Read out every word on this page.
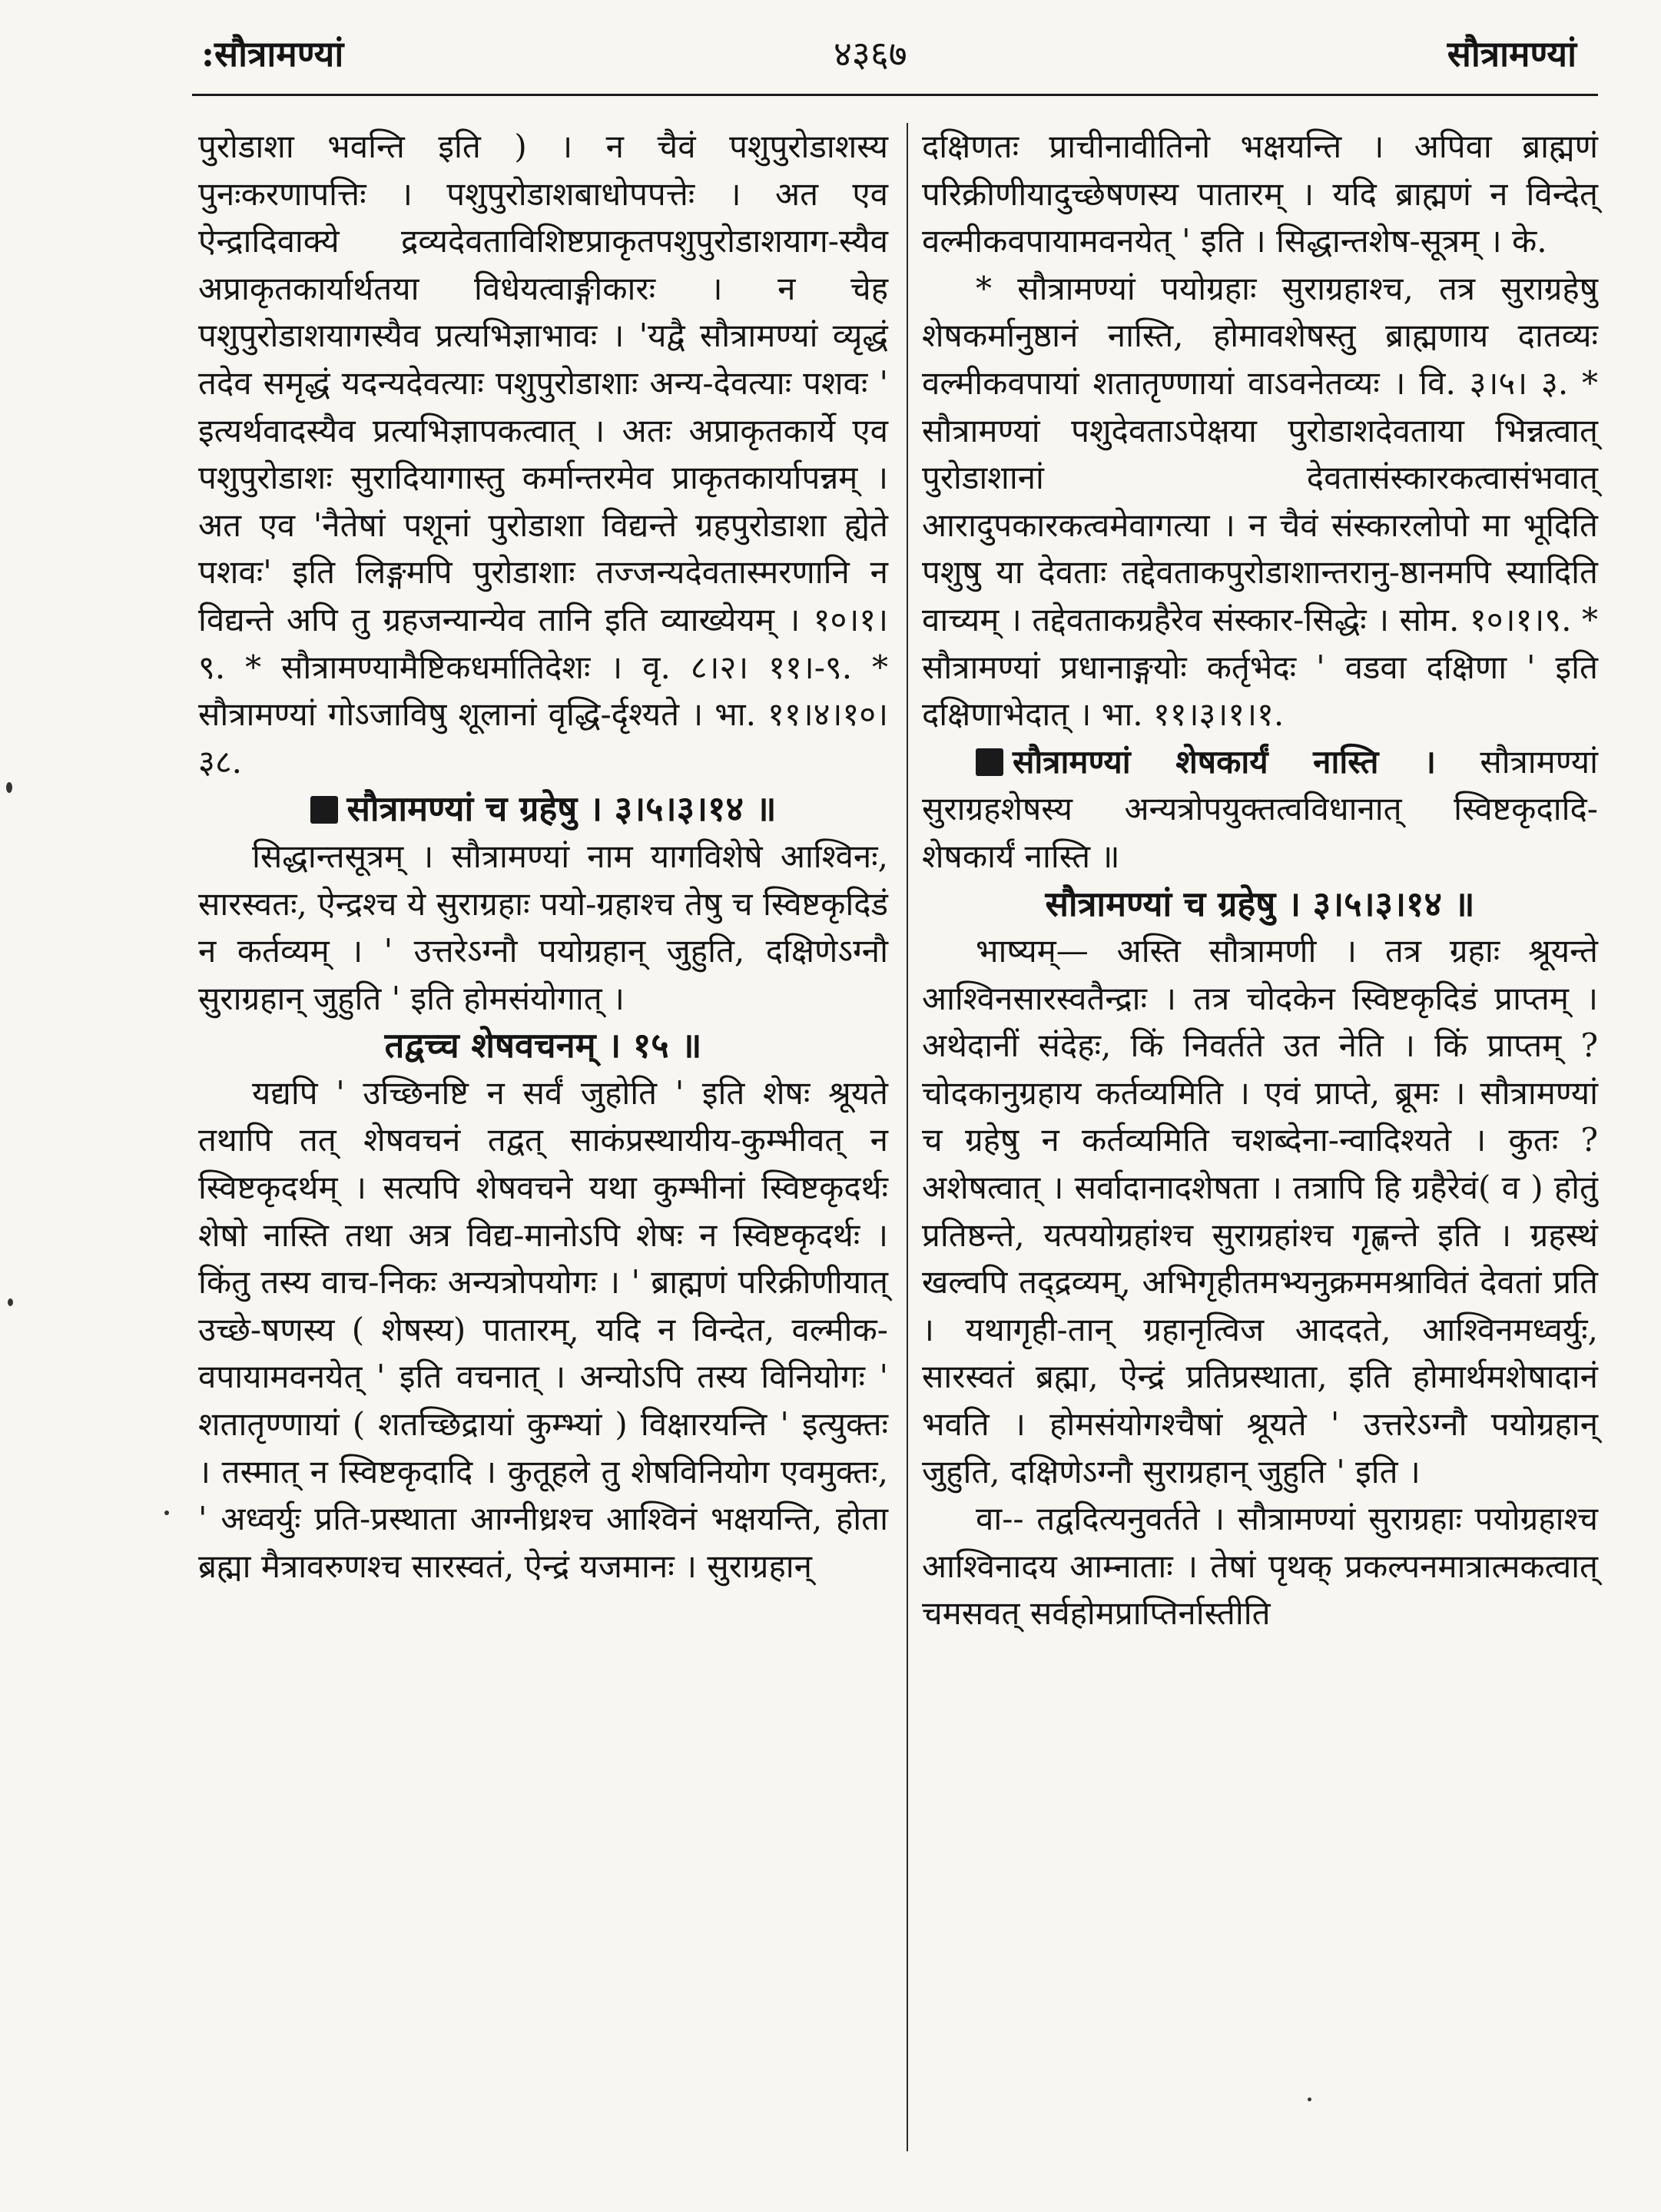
:सौत्रामण्यां	४३६७	सौत्रामण्यां

पुरोडाशा भवन्ति इति ) । न चैवं पशुपुरोडाशस्य पुनःकरणापत्तिः । पशुपुरोडाशबाधोपपत्तेः । अत एव ऐन्द्रादिवाक्ये द्रव्यदेवताविशिष्टप्राकृतपशुपुरोडाशयाग-स्यैव अप्राकृतकार्यार्थतया विधेयत्वाङ्गीकारः । न चेह पशुपुरोडाशयागस्यैव प्रत्यभिज्ञाभावः । 'यद्वै सौत्रामण्यां व्यृद्धं तदेव समृद्धं यदन्यदेवत्याः पशुपुरोडाशाः अन्य-देवत्याः पशवः ' इत्यर्थवादस्यैव प्रत्यभिज्ञापकत्वात् । अतः अप्राकृतकार्ये एव पशुपुरोडाशः सुरादियागास्तु कर्मान्तरमेव प्राकृतकार्यापन्नम् । अत एव 'नैतेषां पशूनां पुरोडाशा विद्यन्ते ग्रहपुरोडाशा ह्येते पशवः' इति लिङ्गमपि पुरोडाशाः तज्जन्यदेवतास्मरणानि न विद्यन्ते अपि तु ग्रहजन्यान्येव तानि इति व्याख्येयम् । १०।१।९. * सौत्रामण्यामैष्टिकधर्मातिदेशः । वृ. ८।२। ११।-९. * सौत्रामण्यां गोऽजाविषु शूलानां वृद्धि-र्दृश्यते । भा. ११।४।१०।३८.

सौत्रामण्यां च ग्रहेषु । ३।५।३।१४ ॥

सिद्धान्तसूत्रम् । सौत्रामण्यां नाम यागविशेषे आश्विनः, सारस्वतः, ऐन्द्रश्च ये सुराग्रहाः पयो-ग्रहाश्च तेषु च स्विष्टकृदिडं न कर्तव्यम् । ' उत्तरेऽग्नौ पयोग्रहान् जुहुति, दक्षिणेऽग्नौ सुराग्रहान् जुहुति ' इति होमसंयोगात् ।

तद्वच्च शेषवचनम् । १५ ॥

यद्यपि ' उच्छिनष्टि न सर्वं जुहोति ' इति शेषः श्रूयते तथापि तत् शेषवचनं तद्वत् साकंप्रस्थायीय-कुम्भीवत् न स्विष्टकृदर्थम् । सत्यपि शेषवचने यथा कुम्भीनां स्विष्टकृदर्थः शेषो नास्ति तथा अत्र विद्य-मानोऽपि शेषः न स्विष्टकृदर्थः । किंतु तस्य वाच-निकः अन्यत्रोपयोगः । ' ब्राह्मणं परिक्रीणीयात् उच्छे-षणस्य ( शेषस्य) पातारम्, यदि न विन्देत, वल्मीक-वपायामवनयेत् ' इति वचनात् । अन्योऽपि तस्य विनियोगः ' शतातृण्णायां ( शतच्छिद्रायां कुम्भ्यां ) विक्षारयन्ति ' इत्युक्तः । तस्मात् न स्विष्टकृदादि । कुतूहले तु शेषविनियोग एवमुक्तः, ' अध्वर्युः प्रति-प्रस्थाता आग्नीध्रश्च आश्विनं भक्षयन्ति, होता ब्रह्मा मैत्रावरुणश्च सारस्वतं, ऐन्द्रं यजमानः । सुराग्रहान्

दक्षिणतः प्राचीनावीतिनो भक्षयन्ति । अपिवा ब्राह्मणं परिक्रीणीयादुच्छेषणस्य पातारम् । यदि ब्राह्मणं न विन्देत् वल्मीकवपायामवनयेत् ' इति । सिद्धान्तशेष-सूत्रम् । के.

* सौत्रामण्यां पयोग्रहाः सुराग्रहाश्च, तत्र सुराग्रहेषु शेषकर्मानुष्ठानं नास्ति, होमावशेषस्तु ब्राह्मणाय दातव्यः वल्मीकवपायां शतातृण्णायां वाऽवनेतव्यः । वि. ३।५। ३. * सौत्रामण्यां पशुदेवताऽपेक्षया पुरोडाशदेवताया भिन्नत्वात् पुरोडाशानां देवतासंस्कारकत्वासंभवात् आरादुपकारकत्वमेवागत्या । न चैवं संस्कारलोपो मा भूदिति पशुषु या देवताः तद्देवताकपुरोडाशान्तरानु-ष्ठानमपि स्यादिति वाच्यम् । तद्देवताकग्रहैरेव संस्कार-सिद्धेः । सोम. १०।१।९. * सौत्रामण्यां प्रधानाङ्गयोः कर्तृभेदः ' वडवा दक्षिणा ' इति दक्षिणाभेदात् । भा. ११।३।१।१.

सौत्रामण्यां शेषकार्यं नास्ति । सौत्रामण्यां सुराग्रहशेषस्य अन्यत्रोपयुक्तत्वविधानात् स्विष्टकृदादि-शेषकार्यं नास्ति ॥

सौत्रामण्यां च ग्रहेषु । ३।५।३।१४ ॥

भाष्यम्— अस्ति सौत्रामणी । तत्र ग्रहाः श्रूयन्ते आश्विनसारस्वतैन्द्राः । तत्र चोदकेन स्विष्टकृदिडं प्राप्तम् । अथेदानीं संदेहः, किं निवर्तते उत नेति । किं प्राप्तम् ? चोदकानुग्रहाय कर्तव्यमिति । एवं प्राप्ते, ब्रूमः । सौत्रामण्यां च ग्रहेषु न कर्तव्यमिति चशब्देना-न्वादिश्यते । कुतः ? अशेषत्वात् । सर्वादानादशेषता । तत्रापि हि ग्रहैरेवं( व ) होतुं प्रतिष्ठन्ते, यत्पयोग्रहांश्च सुराग्रहांश्च गृह्णन्ते इति । ग्रहस्थं खल्वपि तद्द्रव्यम्, अभिगृहीतमभ्यनुक्रममश्रावितं देवतां प्रति । यथागृही-तान् ग्रहानृत्विज आददते, आश्विनमध्वर्युः, सारस्वतं ब्रह्मा, ऐन्द्रं प्रतिप्रस्थाता, इति होमार्थमशेषादानं भवति । होमसंयोगश्चैषां श्रूयते ' उत्तरेऽग्नौ पयोग्रहान् जुहुति, दक्षिणेऽग्नौ सुराग्रहान् जुहुति ' इति ।

वा-- तद्वदित्यनुवर्तते । सौत्रामण्यां सुराग्रहाः पयोग्रहाश्च आश्विनादय आम्नाताः । तेषां पृथक् प्रकल्पनमात्रात्मकत्वात् चमसवत् सर्वहोमप्राप्तिर्नास्तीति
